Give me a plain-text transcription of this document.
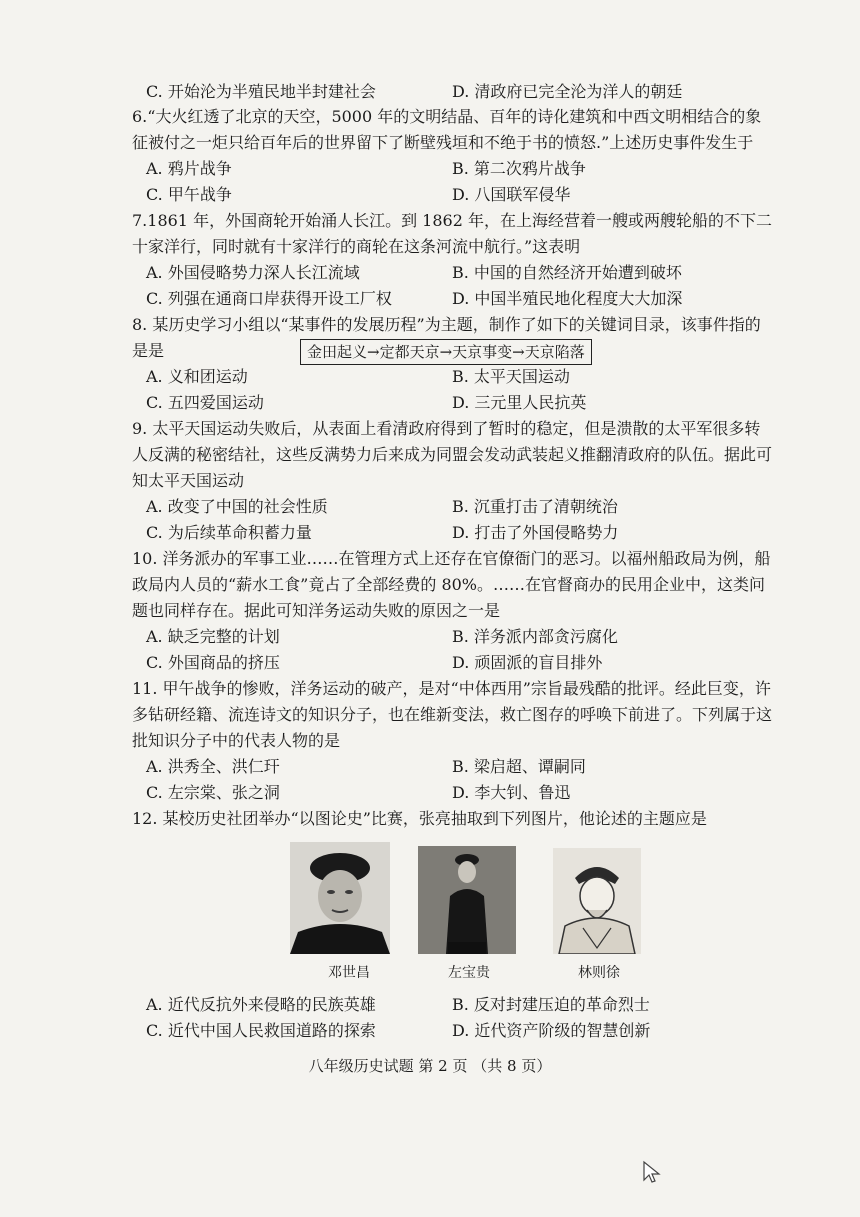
C. 开始沦为半殖民地半封建社会	D. 清政府已完全沦为洋人的朝廷

6.“大火红透了北京的天空，5000 年的文明结晶、百年的诗化建筑和中西文明相结合的象征被付之一炬只给百年后的世界留下了断壁残垣和不绝于书的愤怒.”上述历史事件发生于

A. 鸦片战争	B. 第二次鸦片战争
C. 甲午战争	D. 八国联军侵华

7.1861 年，外国商轮开始涌人长江。到 1862 年，在上海经营着一艘或两艘轮船的不下二十家洋行，同时就有十家洋行的商轮在这条河流中航行。”这表明

A. 外国侵略势力深人长江流域	B. 中国的自然经济开始遭到破坏
C. 列强在通商口岸获得开设工厂权	D. 中国半殖民地化程度大大加深

8. 某历史学习小组以“某事件的发展历程”为主题，制作了如下的关键词目录，该事件指的是是	金田起义→定都天京→天京事变→天京陷落
A. 义和团运动	B. 太平天国运动
C. 五四爱国运动	D. 三元里人民抗英

9. 太平天国运动失败后，从表面上看清政府得到了暂时的稳定，但是溃散的太平军很多转人反满的秘密结社，这些反满势力后来成为同盟会发动武装起义推翻清政府的队伍。据此可知太平天国运动

A. 改变了中国的社会性质	B. 沉重打击了清朝统治
C. 为后续革命积蓄力量	D. 打击了外国侵略势力

10. 洋务派办的军事工业……在管理方式上还存在官僚衙门的恶习。以福州船政局为例，船政局内人员的“薪水工食”竟占了全部经费的 80%。……在官督商办的民用企业中，这类问题也同样存在。据此可知洋务运动失败的原因之一是

A. 缺乏完整的计划	B. 洋务派内部贪污腐化
C. 外国商品的挤压	D. 顽固派的盲目排外

11. 甲午战争的惨败，洋务运动的破产，是对“中体西用”宗旨最残酷的批评。经此巨变，许多钻研经籍、流连诗文的知识分子，也在维新变法，救亡图存的呼唤下前进了。下列属于这批知识分子中的代表人物的是

A. 洪秀全、洪仁玕	B. 梁启超、谭嗣同
C. 左宗棠、张之洞	D. 李大钊、鲁迅

12. 某校历史社团举办“以图论史”比赛，张亮抽取到下列图片，他论述的主题应是

邓世昌	左宝贵	林则徐
A. 近代反抗外来侵略的民族英雄	B. 反对封建压迫的革命烈士
C. 近代中国人民救国道路的探索	D. 近代资产阶级的智慧创新
八年级历史试题 第 2 页 （共 8 页）
